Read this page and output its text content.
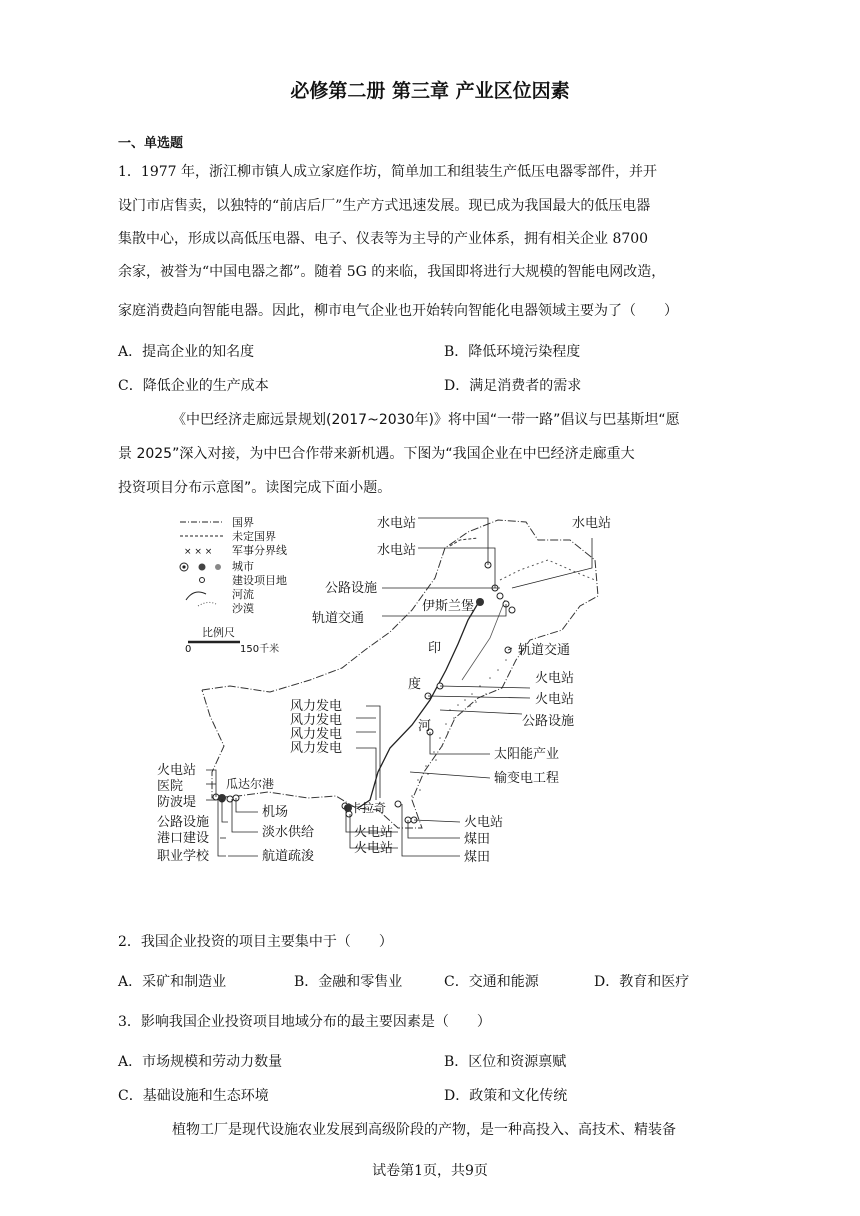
必修第二册 第三章 产业区位因素
一、单选题
1．1977 年，浙江柳市镇人成立家庭作坊，简单加工和组装生产低压电器零部件，并开
设门市店售卖，以独特的“前店后厂”生产方式迅速发展。现已成为我国最大的低压电器
集散中心，形成以高低压电器、电子、仪表等为主导的产业体系，拥有相关企业 8700
余家，被誉为“中国电器之都”。随着 5G 的来临，我国即将进行大规模的智能电网改造，
家庭消费趋向智能电器。因此，柳市电气企业也开始转向智能化电器领域主要为了（　　）
A．提高企业的知名度	B．降低环境污染程度
C．降低企业的生产成本	D．满足消费者的需求
《中巴经济走廊远景规划(2017~2030年)》将中国“一带一路”倡议与巴基斯坦“愿
景 2025”深入对接，为中巴合作带来新机遇。下图为“我国企业在中巴经济走廊重大
投资项目分布示意图”。读图完成下面小题。
× × ×
国界
未定国界
军事分界线
城市
建设项目地
河流
沙漠
比例尺
0	150千米
水电站	水电站
水电站
公路设施
伊斯兰堡
轨道交通
印
度
河
轨道交通
火电站
火电站
公路设施
太阳能产业
输变电工程
风力发电
风力发电
风力发电
风力发电
瓜达尔港
卡拉奇
火电站
煤田
煤田
火电站
火电站
火电站
医院
防波堤
公路设施
港口建设
职业学校
机场
淡水供给
航道疏浚
2．我国企业投资的项目主要集中于（　　）
A．采矿和制造业	B．金融和零售业	C．交通和能源	D．教育和医疗
3．影响我国企业投资项目地域分布的最主要因素是（　　）
A．市场规模和劳动力数量	B．区位和资源禀赋
C．基础设施和生态环境	D．政策和文化传统
植物工厂是现代设施农业发展到高级阶段的产物，是一种高投入、高技术、精装备
试卷第1页，共9页
